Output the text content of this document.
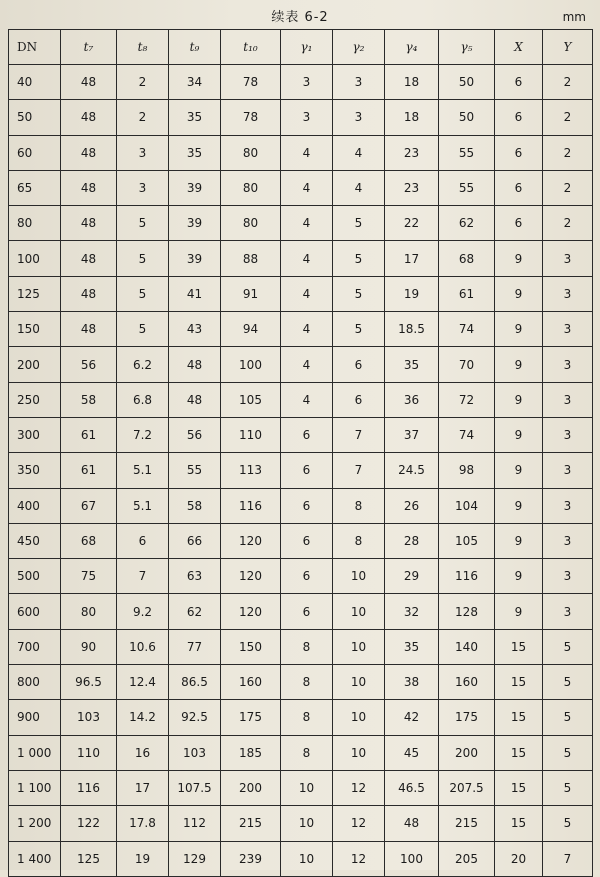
续表 6-2	mm
DN	t₇	t₈	t₉	t₁₀	γ₁	γ₂	γ₄	γ₅	X	Y
40	48	2	34	78	3	3	18	50	6	2
50	48	2	35	78	3	3	18	50	6	2
60	48	3	35	80	4	4	23	55	6	2
65	48	3	39	80	4	4	23	55	6	2
80	48	5	39	80	4	5	22	62	6	2
100	48	5	39	88	4	5	17	68	9	3
125	48	5	41	91	4	5	19	61	9	3
150	48	5	43	94	4	5	18.5	74	9	3
200	56	6.2	48	100	4	6	35	70	9	3
250	58	6.8	48	105	4	6	36	72	9	3
300	61	7.2	56	110	6	7	37	74	9	3
350	61	5.1	55	113	6	7	24.5	98	9	3
400	67	5.1	58	116	6	8	26	104	9	3
450	68	6	66	120	6	8	28	105	9	3
500	75	7	63	120	6	10	29	116	9	3
600	80	9.2	62	120	6	10	32	128	9	3
700	90	10.6	77	150	8	10	35	140	15	5
800	96.5	12.4	86.5	160	8	10	38	160	15	5
900	103	14.2	92.5	175	8	10	42	175	15	5
1 000	110	16	103	185	8	10	45	200	15	5
1 100	116	17	107.5	200	10	12	46.5	207.5	15	5
1 200	122	17.8	112	215	10	12	48	215	15	5
1 400	125	19	129	239	10	12	100	205	20	7
